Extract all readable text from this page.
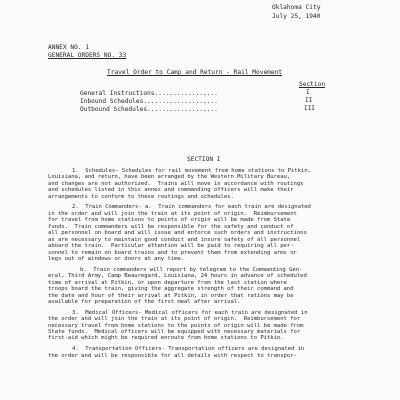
Oklahoma City
July 25, 1940
ANNEX NO. 1
GENERAL ORDERS NO. 33
Travel Order to Camp and Return - Rail Movement
Section
General Instructions.................	I
Inbound Schedules....................	II
Outbound Schedules...................	III
SECTION I
1.  Schedules- Schedules for rail movement from home stations to Pitkin,
Louisiana, and return, have been arranged by the Western Military Bureau,
and changes are not authorized.  Trains will move in accordance with routings
and schedules listed in this annex and commanding officers will make their
arrangements to conform to these routings and schedules.
2.  Train Commanders- a.  Train commanders for each train are designated
in the order and will join the train at its point of origin.  Reimbursement
for travel from home stations to points of origin will be made from State
funds.  Train commanders will be responsible for the safety and conduct of
all personnel on board and will issue and enforce such orders and instructions
as are necessary to maintain good conduct and insure safety of all personnel
aboard the train.  Particular attention will be paid to requiring all per-
sonnel to remain on board trains and to prevent them from extending arms or
legs out of windows or doors at any time.
b.  Train commanders will report by telegram to the Commanding Gen-
eral, Third Army, Camp Beauregard, Louisiana, 24 hours in advance of scheduled
time of arrival at Pitkin, or upon departure from the last station where
troops board the train, giving the aggregate strength of their command and
the date and hour of their arrival at Pitkin, in order that rations may be
available for preparation of the first meal after arrival.
3.  Medical Officers- Medical officers for each train are designated in
the order and will join the train at its point of origin.  Reimbursement for
necessary travel from home stations to the points of origin will be made from
State funds.  Medical officers will be equipped with necessary materials for
first-aid which might be required enroute from home stations to Pitkin.
4.  Transportation Officers- Transportation officers are designated in
the order and will be responsible for all details with respect to transpor-
